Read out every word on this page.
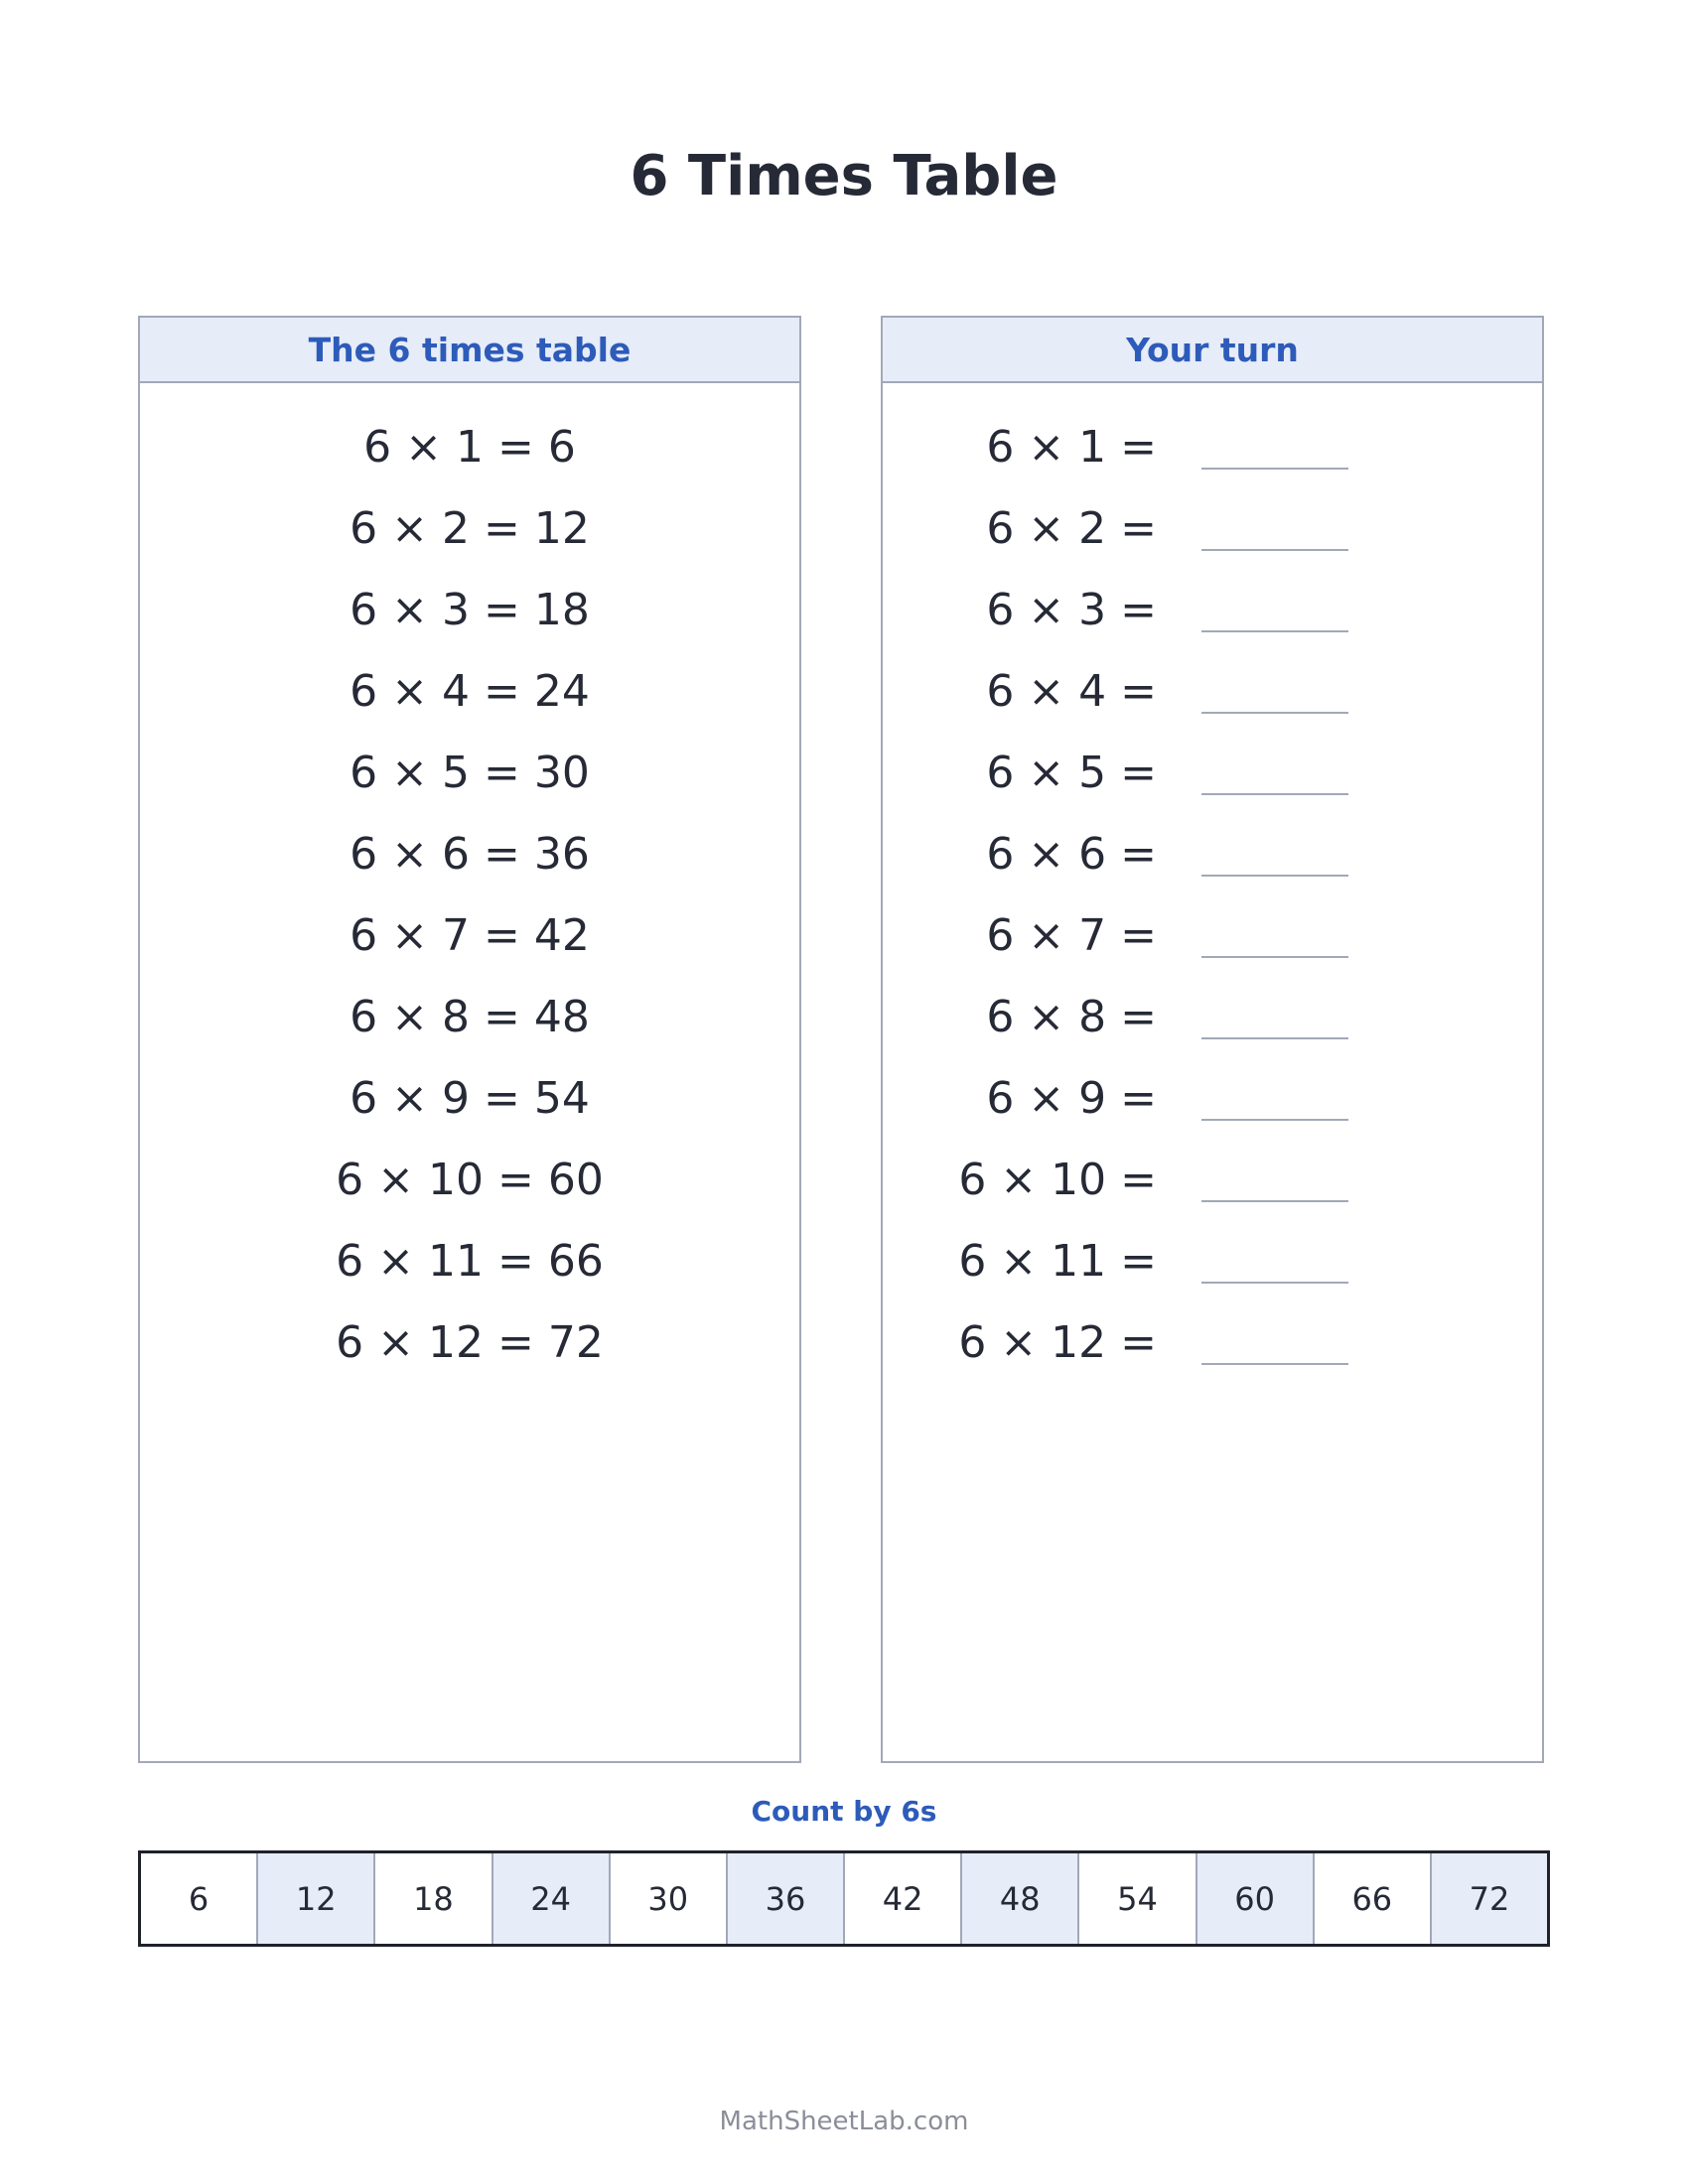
6 Times Table
The 6 times table
6 × 1 = 6
6 × 2 = 12
6 × 3 = 18
6 × 4 = 24
6 × 5 = 30
6 × 6 = 36
6 × 7 = 42
6 × 8 = 48
6 × 9 = 54
6 × 10 = 60
6 × 11 = 66
6 × 12 = 72
Your turn
6 × 1 =
6 × 2 =
6 × 3 =
6 × 4 =
6 × 5 =
6 × 6 =
6 × 7 =
6 × 8 =
6 × 9 =
6 × 10 =
6 × 11 =
6 × 12 =
Count by 6s
6	12	18	24	30	36	42	48	54	60	66	72
MathSheetLab.com
